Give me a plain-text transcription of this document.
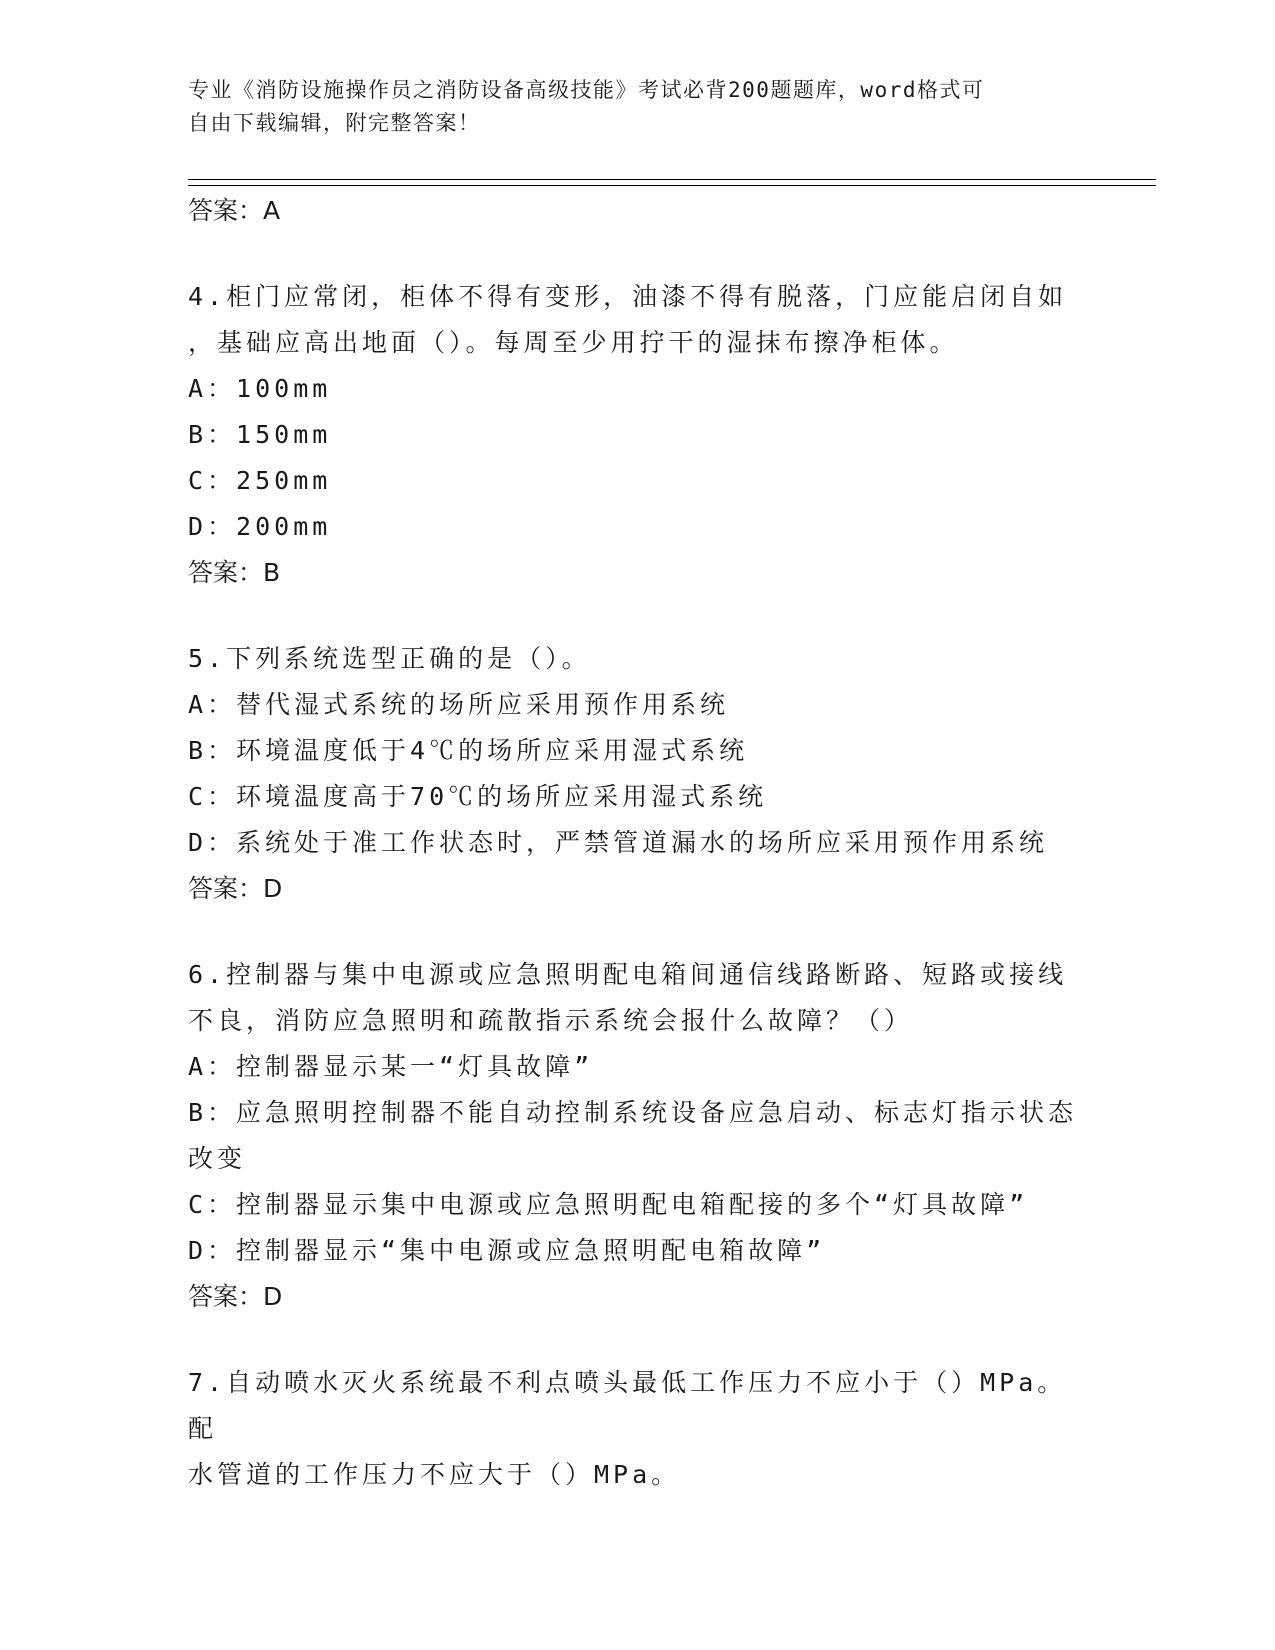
专业《消防设施操作员之消防设备高级技能》考试必背200题题库，word格式可
自由下载编辑，附完整答案！

答案：A

4.柜门应常闭，柜体不得有变形，油漆不得有脱落，门应能启闭自如

，基础应高出地面（）。每周至少用拧干的湿抹布擦净柜体。

A：100mm

B：150mm

C：250mm

D：200mm

答案：B

5.下列系统选型正确的是（）。

A：替代湿式系统的场所应采用预作用系统

B：环境温度低于4℃的场所应采用湿式系统

C：环境温度高于70℃的场所应采用湿式系统

D：系统处于准工作状态时，严禁管道漏水的场所应采用预作用系统

答案：D

6.控制器与集中电源或应急照明配电箱间通信线路断路、短路或接线

不良，消防应急照明和疏散指示系统会报什么故障？（）

A：控制器显示某一“灯具故障”

B：应急照明控制器不能自动控制系统设备应急启动、标志灯指示状态

改变

C：控制器显示集中电源或应急照明配电箱配接的多个“灯具故障”

D：控制器显示“集中电源或应急照明配电箱故障”

答案：D

7.自动喷水灭火系统最不利点喷头最低工作压力不应小于（）MPa。配

水管道的工作压力不应大于（）MPa。
